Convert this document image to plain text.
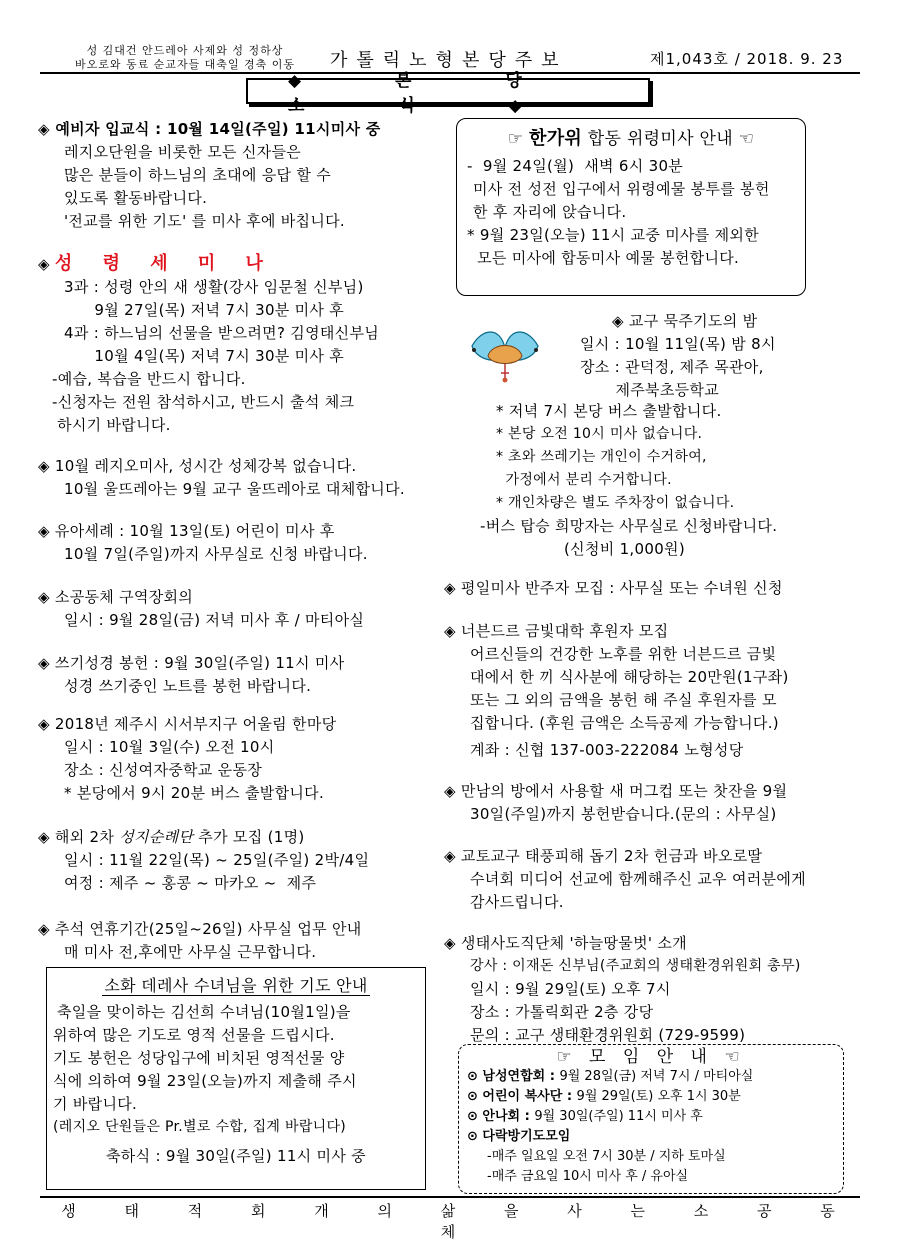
성 김대건 안드레아 사제와 성 정하상
바오로와 동료 순교자들 대축일 경축 이동	가톨릭노형본당주보	제1,043호 / 2018. 9. 23
◆ 본 당 소 식 ◆

◈ 예비자 입교식 : 10월 14일(주일) 11시미사 중

레지오단원을 비롯한 모든 신자들은

많은 분들이 하느님의 초대에 응답 할 수

있도록 활동바랍니다.

'전교를 위한 기도' 를 미사 후에 바칩니다.

◈ 성 령 세 미 나

3과 : 성령 안의 새 생활(강사 임문철 신부님)

9월 27일(목) 저녁 7시 30분 미사 후

4과 : 하느님의 선물을 받으려면? 김영태신부님

10월 4일(목) 저녁 7시 30분 미사 후

-예습, 복습을 반드시 합니다.

-신청자는 전원 참석하시고, 반드시 출석 체크

하시기 바랍니다.

◈ 10월 레지오미사, 성시간 성체강복 없습니다.

10월 울뜨레아는 9월 교구 울뜨레아로 대체합니다.

◈ 유아세례 : 10월 13일(토) 어린이 미사 후

10월 7일(주일)까지 사무실로 신청 바랍니다.

◈ 소공동체 구역장회의

일시 : 9월 28일(금) 저녁 미사 후 / 마티아실

◈ 쓰기성경 봉헌 : 9월 30일(주일) 11시 미사

성경 쓰기중인 노트를 봉헌 바랍니다.

◈ 2018년 제주시 시서부지구 어울림 한마당

일시 : 10월 3일(수) 오전 10시

장소 : 신성여자중학교 운동장

* 본당에서 9시 20분 버스 출발합니다.

◈ 해외 2차 성지순례단 추가 모집 (1명)

일시 : 11월 22일(목) ~ 25일(주일) 2박/4일

여정 : 제주 ~ 홍콩 ~ 마카오 ~  제주

◈ 추석 연휴기간(25일~26일) 사무실 업무 안내

매 미사 전,후에만 사무실 근무합니다.

소화 데레사 수녀님을 위한 기도 안내

축일을 맞이하는 김선희 수녀님(10월1일)을

위하여 많은 기도로 영적 선물을 드립시다.

기도 봉헌은 성당입구에 비치된 영적선물 양

식에 의하여 9월 23일(오늘)까지 제출해 주시

기 바랍니다.

(레지오 단원들은 Pr.별로 수합, 집계 바랍니다)

축하식 : 9월 30일(주일) 11시 미사 중

☞ 한가위 합동 위령미사 안내 ☜

-  9월 24일(월)  새벽 6시 30분

미사 전 성전 입구에서 위령예물 봉투를 봉헌

한 후 자리에 앉습니다.

* 9월 23일(오늘) 11시 교중 미사를 제외한

모든 미사에 합동미사 예물 봉헌합니다.

◈ 교구 묵주기도의 밤

일시 : 10월 11일(목) 밤 8시

장소 : 관덕정, 제주 목관아,

제주북초등학교

* 저녁 7시 본당 버스 출발합니다.

* 본당 오전 10시 미사 없습니다.

* 초와 쓰레기는 개인이 수거하여,

가정에서 분리 수거합니다.

* 개인차량은 별도 주차장이 없습니다.

-버스 탑승 희망자는 사무실로 신청바랍니다.

(신청비 1,000원)

◈ 평일미사 반주자 모집 : 사무실 또는 수녀원 신청

◈ 너븐드르 금빛대학 후원자 모집

어르신들의 건강한 노후를 위한 너븐드르 금빛

대에서 한 끼 식사분에 해당하는 20만원(1구좌)

또는 그 외의 금액을 봉헌 해 주실 후원자를 모

집합니다. (후원 금액은 소득공제 가능합니다.)

계좌 : 신협 137-003-222084 노형성당

◈ 만남의 방에서 사용할 새 머그컵 또는 찻잔을 9월

30일(주일)까지 봉헌받습니다.(문의 : 사무실)

◈ 교토교구 태풍피해 돕기 2차 헌금과 바오로딸

수녀회 미디어 선교에 함께해주신 교우 여러분에게

감사드립니다.

◈ 생태사도직단체 '하늘땅물벗' 소개

강사 : 이재돈 신부님(주교회의 생태환경위원회 총무)

일시 : 9월 29일(토) 오후 7시

장소 : 가톨릭회관 2층 강당

문의 : 교구 생태환경위원회 (729-9599)

☞ 모 임 안 내 ☜
⊙ 남성연합회 : 9월 28일(금) 저녁 7시 / 마티아실
⊙ 어린이 복사단 : 9월 29일(토) 오후 1시 30분
⊙ 안나회 : 9월 30일(주일) 11시 미사 후
⊙ 다락방기도모임
-매주 일요일 오전 7시 30분 / 지하 토마실
-매주 금요일 10시 미사 후 / 유아실
생 태 적 회 개 의 삶 을 사 는 소 공 동 체
